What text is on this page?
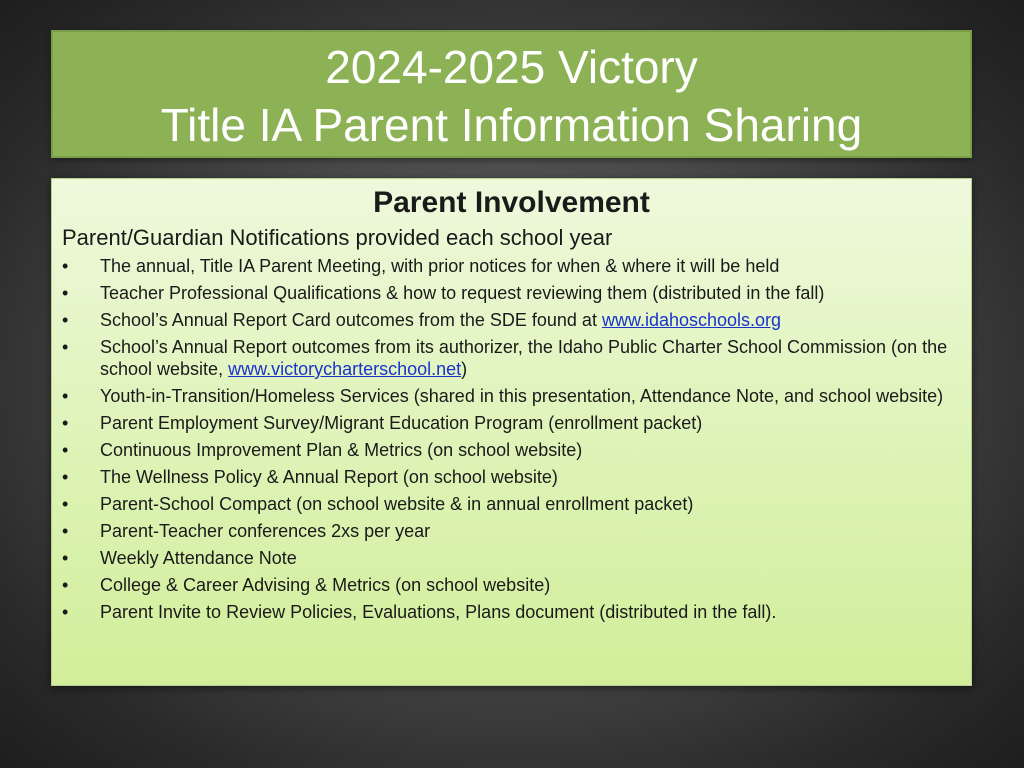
2024-2025 Victory
Title IA Parent Information Sharing
Parent Involvement
Parent/Guardian Notifications provided each school year
•	The annual, Title IA Parent Meeting, with prior notices for when & where it will be held
•	Teacher Professional Qualifications & how to request reviewing them (distributed in the fall)
•	School’s Annual Report Card outcomes from the SDE found at www.idahoschools.org
•	School’s Annual Report outcomes from its authorizer, the Idaho Public Charter School Commission (on the school website, www.victorycharterschool.net)
•	Youth-in-Transition/Homeless Services (shared in this presentation, Attendance Note, and school website)
•	Parent Employment Survey/Migrant Education Program (enrollment packet)
•	Continuous Improvement Plan & Metrics (on school website)
•	The Wellness Policy & Annual Report (on school website)
•	Parent-School Compact (on school website & in annual enrollment packet)
•	Parent-Teacher conferences 2xs per year
•	Weekly Attendance Note
•	College & Career Advising & Metrics (on school website)
•	Parent Invite to Review Policies, Evaluations, Plans document (distributed in the fall).
